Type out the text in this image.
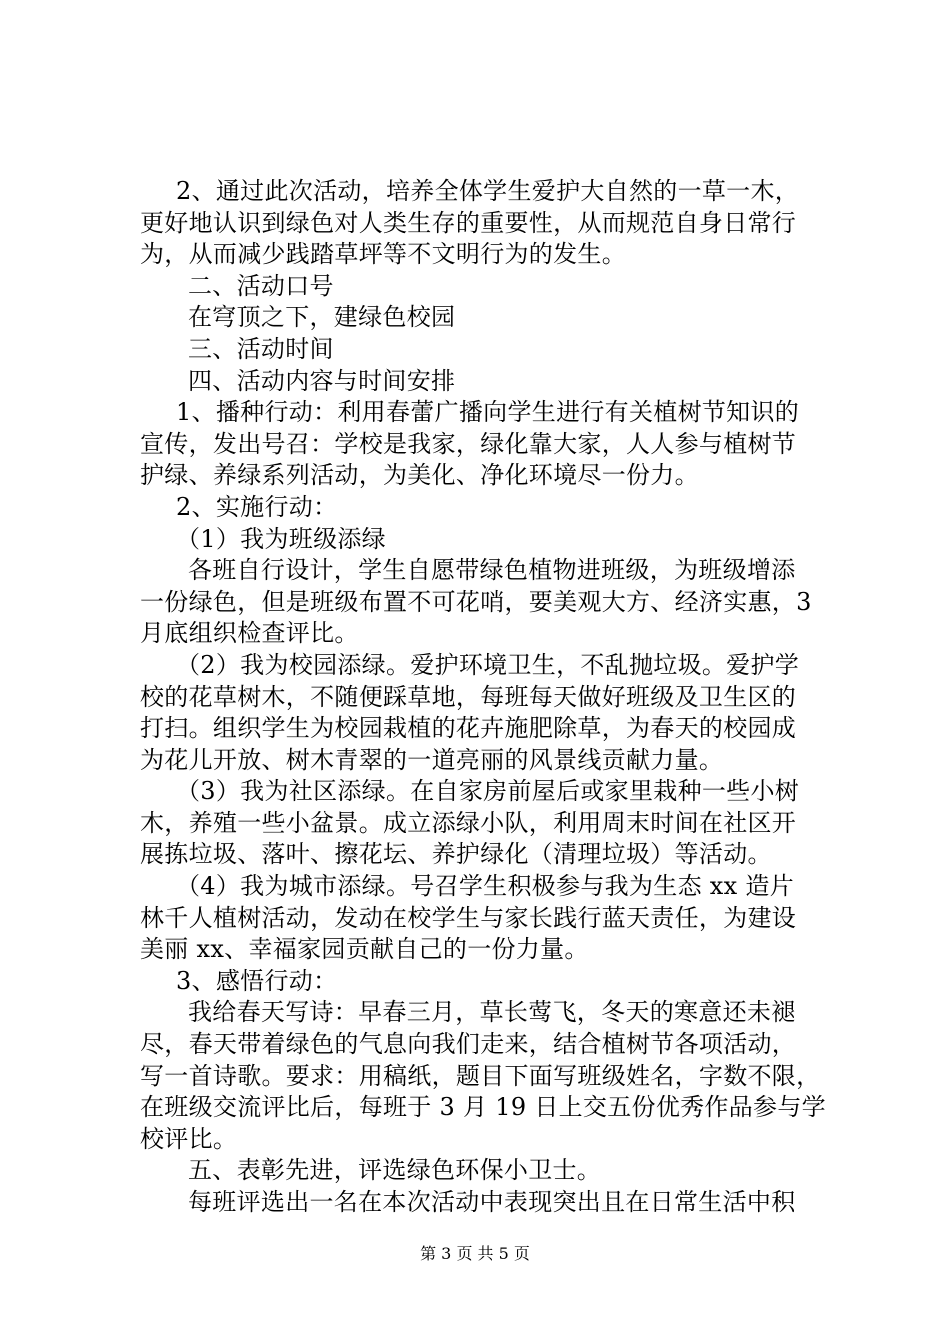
2、通过此次活动，培养全体学生爱护大自然的一草一木，
更好地认识到绿色对人类生存的重要性，从而规范自身日常行
为，从而减少践踏草坪等不文明行为的发生。
二、活动口号
在穹顶之下，建绿色校园
三、活动时间
四、活动内容与时间安排
1、播种行动：利用春蕾广播向学生进行有关植树节知识的
宣传，发出号召：学校是我家，绿化靠大家，人人参与植树节
护绿、养绿系列活动，为美化、净化环境尽一份力。
2、实施行动：
（1）我为班级添绿
各班自行设计，学生自愿带绿色植物进班级，为班级增添
一份绿色，但是班级布置不可花哨，要美观大方、经济实惠，3
月底组织检查评比。
（2）我为校园添绿。爱护环境卫生，不乱抛垃圾。爱护学
校的花草树木，不随便踩草地，每班每天做好班级及卫生区的
打扫。组织学生为校园栽植的花卉施肥除草，为春天的校园成
为花儿开放、树木青翠的一道亮丽的风景线贡献力量。
（3）我为社区添绿。在自家房前屋后或家里栽种一些小树
木，养殖一些小盆景。成立添绿小队，利用周末时间在社区开
展拣垃圾、落叶、擦花坛、养护绿化（清理垃圾）等活动。
（4）我为城市添绿。号召学生积极参与我为生态 xx 造片
林千人植树活动，发动在校学生与家长践行蓝天责任，为建设
美丽 xx、幸福家园贡献自己的一份力量。
3、感悟行动：
我给春天写诗：早春三月，草长莺飞，冬天的寒意还未褪
尽，春天带着绿色的气息向我们走来，结合植树节各项活动，
写一首诗歌。要求：用稿纸，题目下面写班级姓名，字数不限，
在班级交流评比后，每班于 3 月 19 日上交五份优秀作品参与学
校评比。
五、表彰先进，评选绿色环保小卫士。
每班评选出一名在本次活动中表现突出且在日常生活中积
第 3 页 共 5 页
